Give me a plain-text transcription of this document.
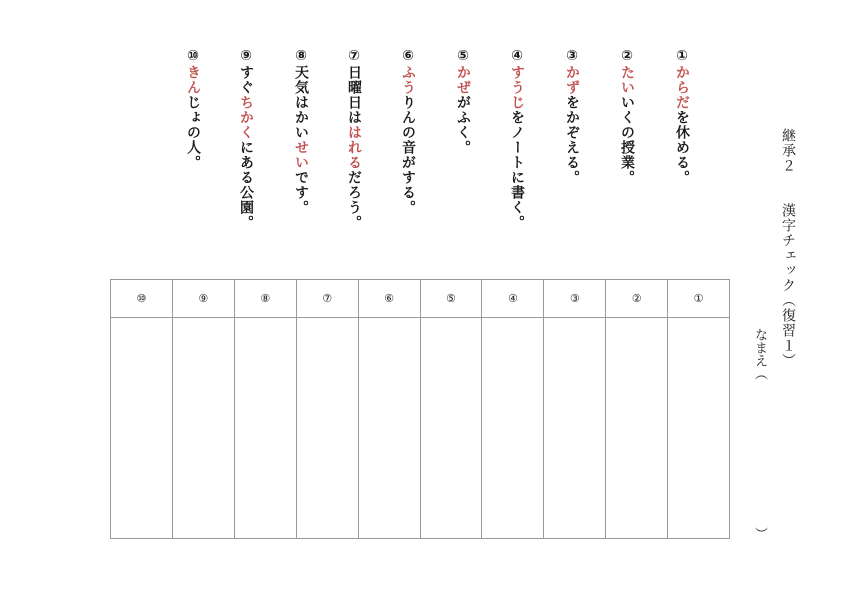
継承２漢字チェック（復習１）
なまえ（
）
①からだを休める。
②たいいくの授業。
③かずをかぞえる。
④すうじをノートに書く。
⑤かぜがふく。
⑥ふうりんの音がする。
⑦日曜日ははれるだろう。
⑧天気はかいせいです。
⑨すぐちかくにある公園。
⑩きんじょの人。
⑩	⑨	⑧	⑦	⑥	⑤	④	③	②	①
